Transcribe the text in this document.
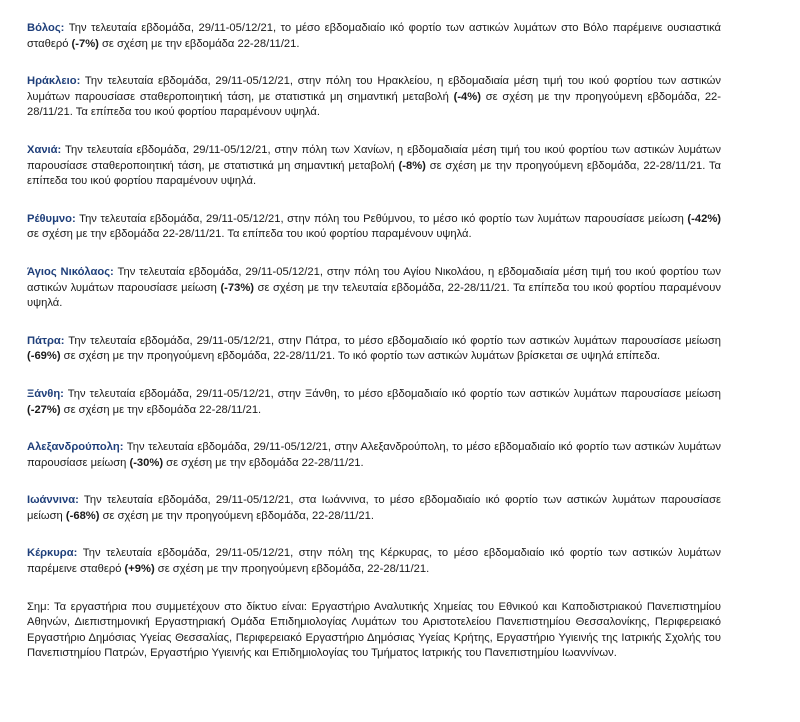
Βόλος: Την τελευταία εβδομάδα, 29/11-05/12/21, το μέσο εβδομαδιαίο ικό φορτίο των αστικών λυμάτων στο Βόλο παρέμεινε ουσιαστικά σταθερό (-7%) σε σχέση με την εβδομάδα 22-28/11/21.

Ηράκλειο: Την τελευταία εβδομάδα, 29/11-05/12/21, στην πόλη του Ηρακλείου, η εβδομαδιαία μέση τιμή του ικού φορτίου των αστικών λυμάτων παρουσίασε σταθεροποιητική τάση, με στατιστικά μη σημαντική μεταβολή (-4%) σε σχέση με την προηγούμενη εβδομάδα, 22-28/11/21. Τα επίπεδα του ικού φορτίου παραμένουν υψηλά.

Χανιά: Την τελευταία εβδομάδα, 29/11-05/12/21, στην πόλη των Χανίων, η εβδομαδιαία μέση τιμή του ικού φορτίου των αστικών λυμάτων παρουσίασε σταθεροποιητική τάση, με στατιστικά μη σημαντική μεταβολή (-8%) σε σχέση με την προηγούμενη εβδομάδα, 22-28/11/21. Τα επίπεδα του ικού φορτίου παραμένουν υψηλά.

Ρέθυμνο: Την τελευταία εβδομάδα, 29/11-05/12/21, στην πόλη του Ρεθύμνου, το μέσο ικό φορτίο των λυμάτων παρουσίασε μείωση (-42%) σε σχέση με την εβδομάδα 22-28/11/21. Τα επίπεδα του ικού φορτίου παραμένουν υψηλά.

Άγιος Νικόλαος: Την τελευταία εβδομάδα, 29/11-05/12/21, στην πόλη του Αγίου Νικολάου, η εβδομαδιαία μέση τιμή του ικού φορτίου των αστικών λυμάτων παρουσίασε μείωση (-73%) σε σχέση με την τελευταία εβδομάδα, 22-28/11/21. Τα επίπεδα του ικού φορτίου παραμένουν υψηλά.

Πάτρα: Την τελευταία εβδομάδα, 29/11-05/12/21, στην Πάτρα, το μέσο εβδομαδιαίο ικό φορτίο των αστικών λυμάτων παρουσίασε μείωση (-69%) σε σχέση με την προηγούμενη εβδομάδα, 22-28/11/21. Το ικό φορτίο των αστικών λυμάτων βρίσκεται σε υψηλά επίπεδα.

Ξάνθη: Την τελευταία εβδομάδα, 29/11-05/12/21, στην Ξάνθη, το μέσο εβδομαδιαίο ικό φορτίο των αστικών λυμάτων παρουσίασε μείωση (-27%) σε σχέση με την εβδομάδα 22-28/11/21.

Αλεξανδρούπολη: Την τελευταία εβδομάδα, 29/11-05/12/21, στην Αλεξανδρούπολη, το μέσο εβδομαδιαίο ικό φορτίο των αστικών λυμάτων παρουσίασε μείωση (-30%) σε σχέση με την εβδομάδα 22-28/11/21.

Ιωάννινα: Την τελευταία εβδομάδα, 29/11-05/12/21, στα Ιωάννινα, το μέσο εβδομαδιαίο ικό φορτίο των αστικών λυμάτων παρουσίασε μείωση (-68%) σε σχέση με την προηγούμενη εβδομάδα, 22-28/11/21.

Κέρκυρα: Την τελευταία εβδομάδα, 29/11-05/12/21, στην πόλη της Κέρκυρας, το μέσο εβδομαδιαίο ικό φορτίο των αστικών λυμάτων παρέμεινε σταθερό (+9%) σε σχέση με την προηγούμενη εβδομάδα, 22-28/11/21.

Σημ: Τα εργαστήρια που συμμετέχουν στο δίκτυο είναι: Εργαστήριο Αναλυτικής Χημείας του Εθνικού και Καποδιστριακού Πανεπιστημίου Αθηνών, Διεπιστημονική Εργαστηριακή Ομάδα Επιδημιολογίας Λυμάτων του Αριστοτελείου Πανεπιστημίου Θεσσαλονίκης, Περιφερειακό Εργαστήριο Δημόσιας Υγείας Θεσσαλίας, Περιφερειακό Εργαστήριο Δημόσιας Υγείας Κρήτης, Εργαστήριο Υγιεινής της Ιατρικής Σχολής του Πανεπιστημίου Πατρών, Εργαστήριο Υγιεινής και Επιδημιολογίας του Τμήματος Ιατρικής του Πανεπιστημίου Ιωαννίνων.
